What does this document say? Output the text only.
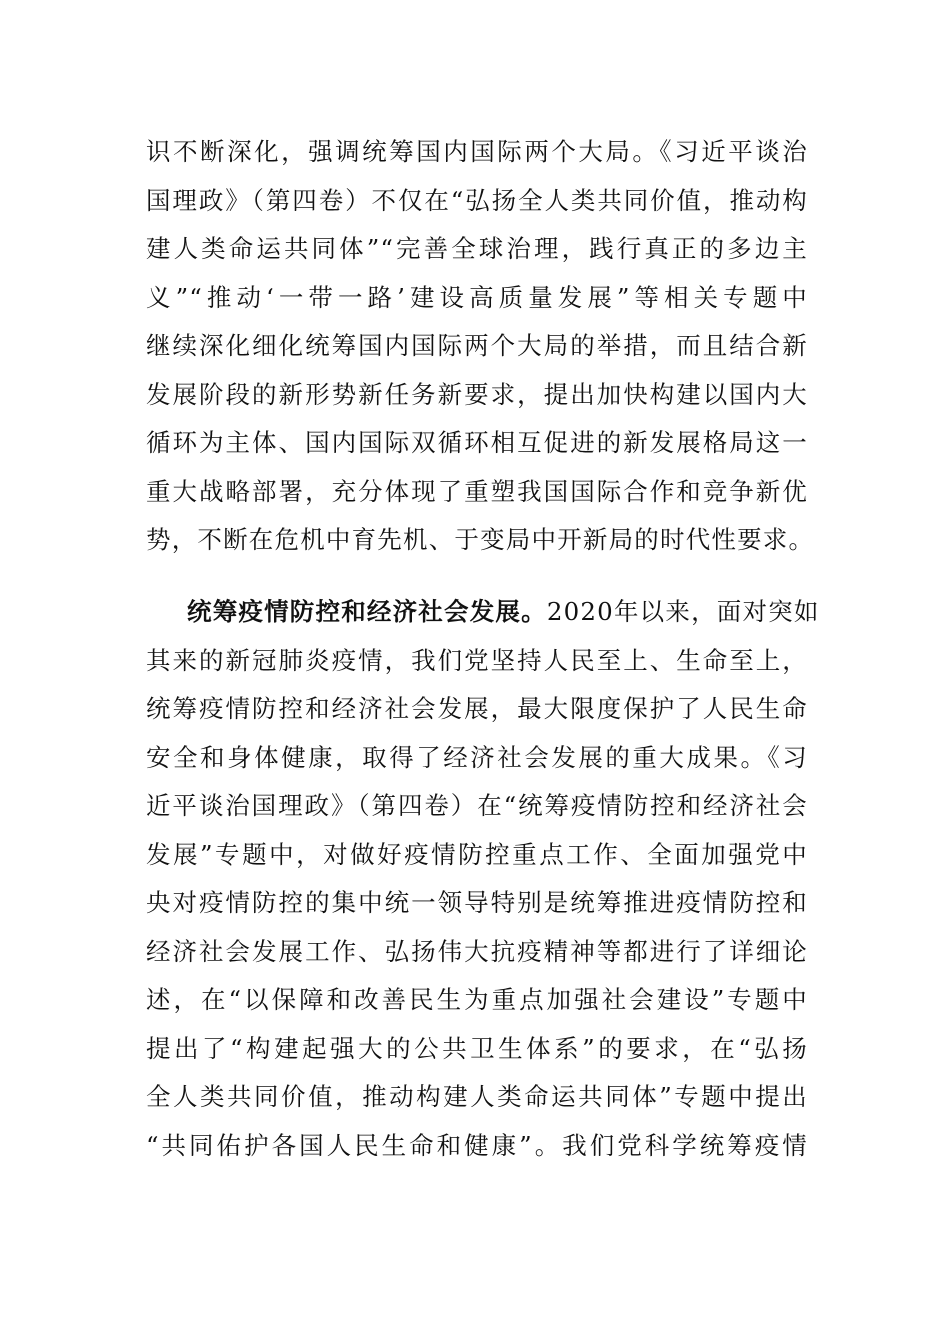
识不断深化，强调统筹国内国际两个大局。《习近平谈治
国理政》（第四卷）不仅在“弘扬全人类共同价值，推动构
建人类命运共同体”“完善全球治理，践行真正的多边主
义”“推动‘一带一路’建设高质量发展”等相关专题中
继续深化细化统筹国内国际两个大局的举措，而且结合新
发展阶段的新形势新任务新要求，提出加快构建以国内大
循环为主体、国内国际双循环相互促进的新发展格局这一
重大战略部署，充分体现了重塑我国国际合作和竞争新优
势，不断在危机中育先机、于变局中开新局的时代性要求。
统筹疫情防控和经济社会发展。2020年以来，面对突如
其来的新冠肺炎疫情，我们党坚持人民至上、生命至上，
统筹疫情防控和经济社会发展，最大限度保护了人民生命
安全和身体健康，取得了经济社会发展的重大成果。《习
近平谈治国理政》（第四卷）在“统筹疫情防控和经济社会
发展”专题中，对做好疫情防控重点工作、全面加强党中
央对疫情防控的集中统一领导特别是统筹推进疫情防控和
经济社会发展工作、弘扬伟大抗疫精神等都进行了详细论
述，在“以保障和改善民生为重点加强社会建设”专题中
提出了“构建起强大的公共卫生体系”的要求，在“弘扬
全人类共同价值，推动构建人类命运共同体”专题中提出
“共同佑护各国人民生命和健康”。我们党科学统筹疫情
